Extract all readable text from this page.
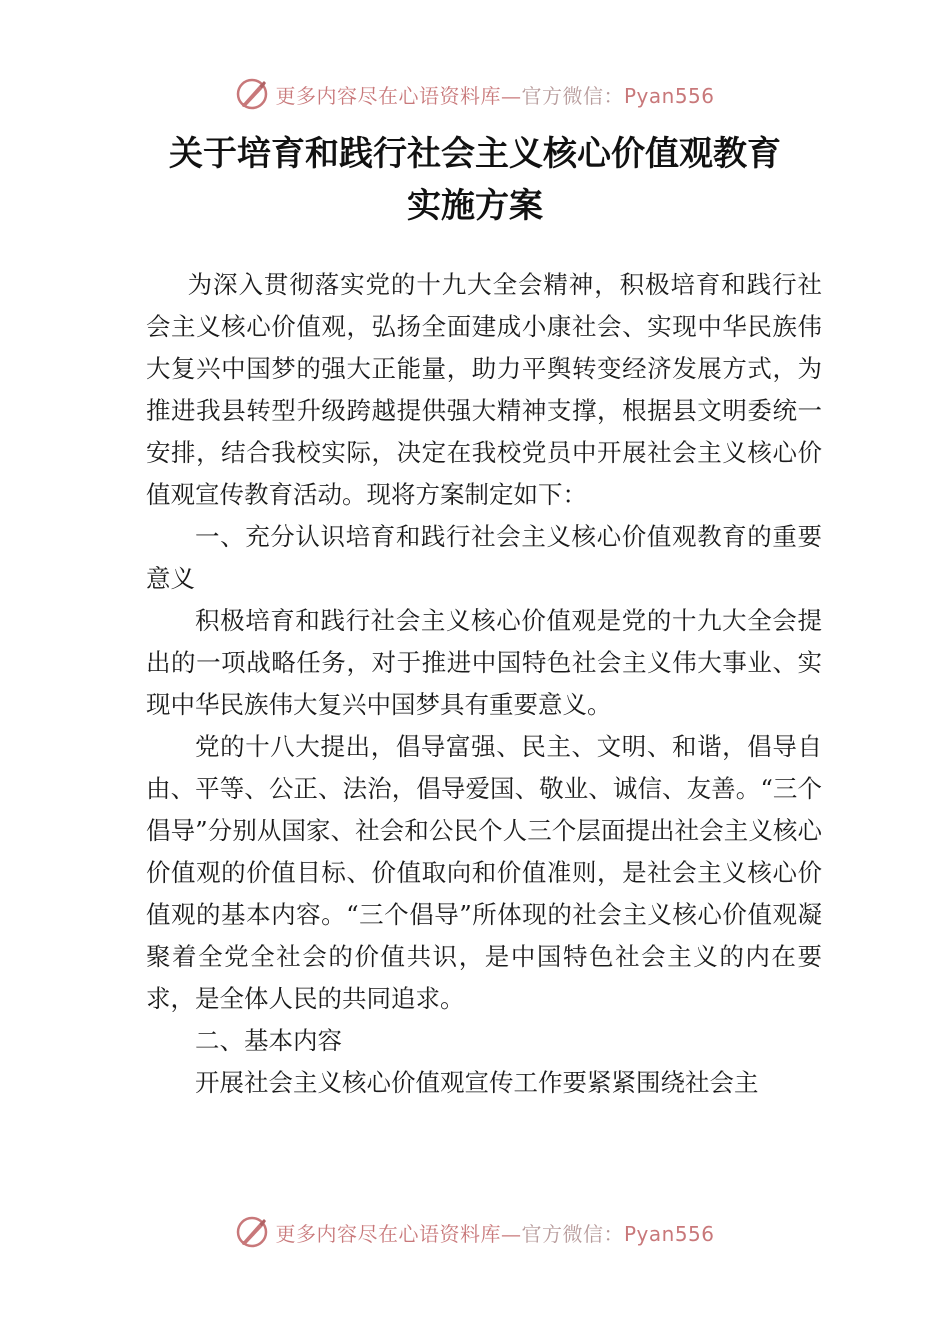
更多内容尽在心语资料库—官方微信：Pyan556
关于培育和践行社会主义核心价值观教育
实施方案

为深入贯彻落实党的十九大全会精神，积极培育和践行社会主义核心价值观，弘扬全面建成小康社会、实现中华民族伟大复兴中国梦的强大正能量，助力平舆转变经济发展方式，为推进我县转型升级跨越提供强大精神支撑，根据县文明委统一安排，结合我校实际，决定在我校党员中开展社会主义核心价值观宣传教育活动。现将方案制定如下：

一、充分认识培育和践行社会主义核心价值观教育的重要意义

积极培育和践行社会主义核心价值观是党的十九大全会提出的一项战略任务，对于推进中国特色社会主义伟大事业、实现中华民族伟大复兴中国梦具有重要意义。

党的十八大提出，倡导富强、民主、文明、和谐，倡导自由、平等、公正、法治，倡导爱国、敬业、诚信、友善。“三个倡导”分别从国家、社会和公民个人三个层面提出社会主义核心价值观的价值目标、价值取向和价值准则，是社会主义核心价值观的基本内容。“三个倡导”所体现的社会主义核心价值观凝聚着全党全社会的价值共识，是中国特色社会主义的内在要求，是全体人民的共同追求。

二、基本内容

开展社会主义核心价值观宣传工作要紧紧围绕社会主

更多内容尽在心语资料库—官方微信：Pyan556
